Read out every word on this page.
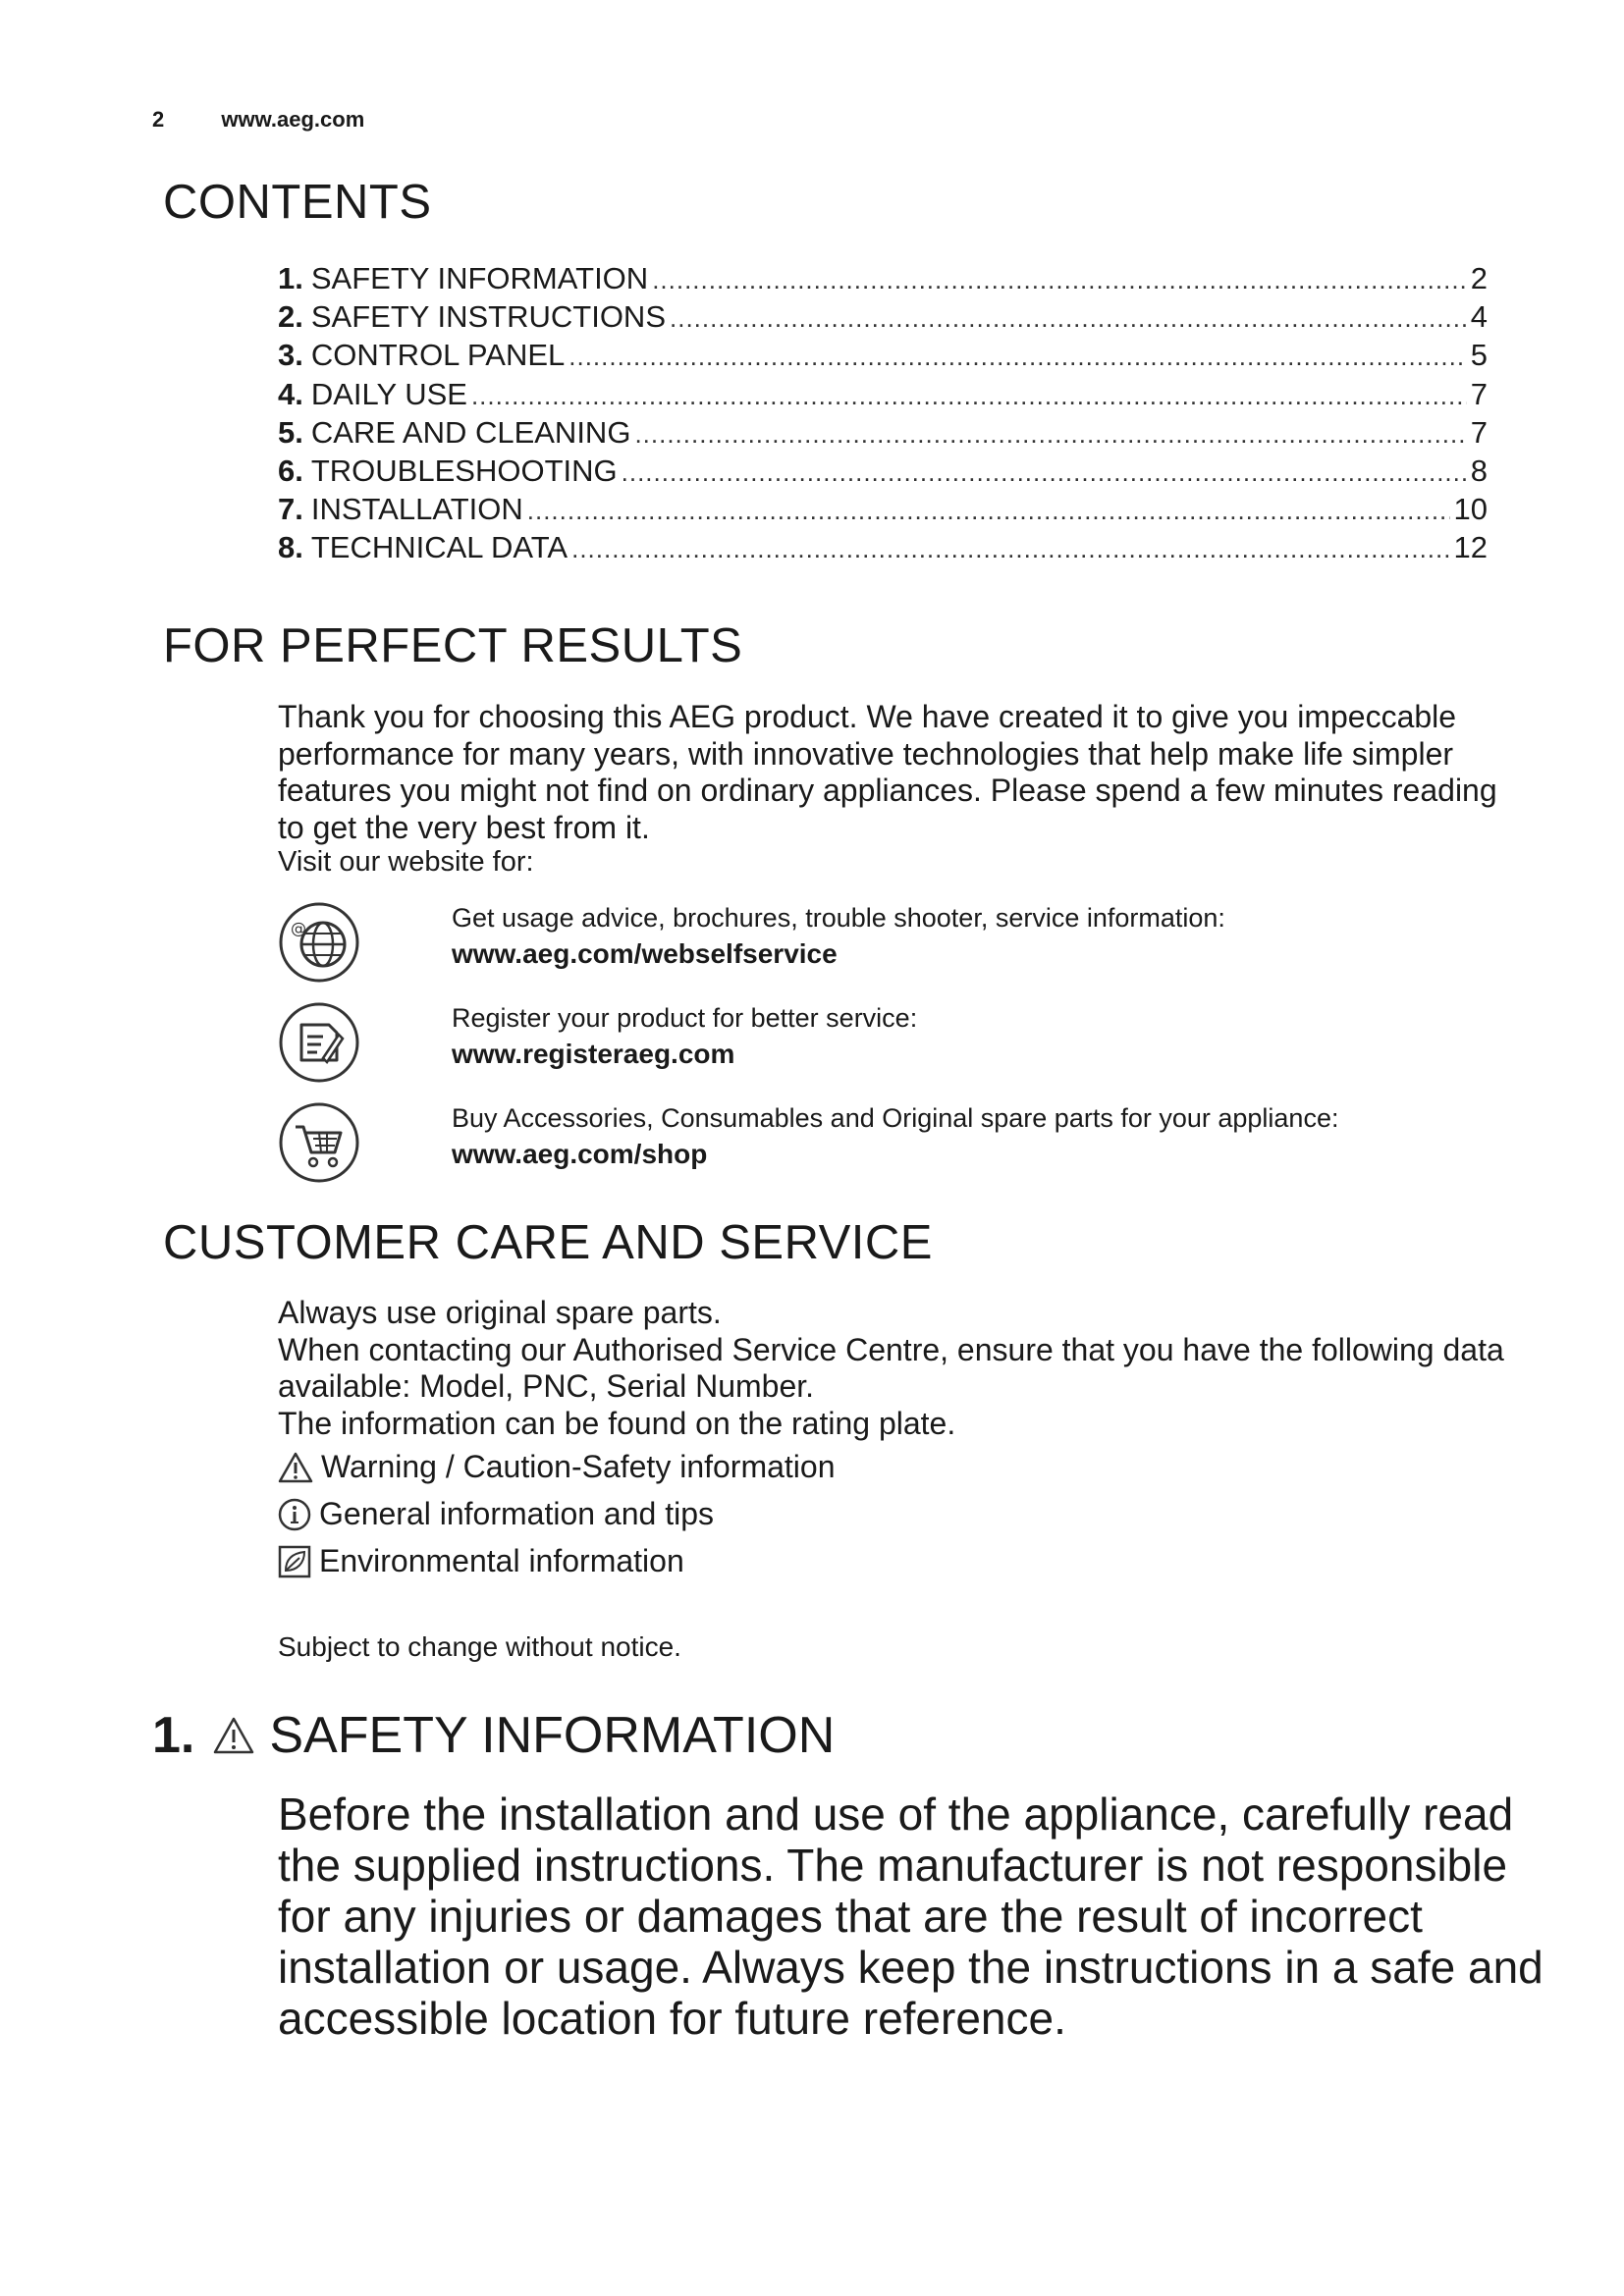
2	www.aeg.com
CONTENTS
1. SAFETY INFORMATION .....	2
2. SAFETY INSTRUCTIONS .....	4
3. CONTROL PANEL .....	5
4. DAILY USE .....	7
5. CARE AND CLEANING .....	7
6. TROUBLESHOOTING .....	8
7. INSTALLATION .....	10
8. TECHNICAL DATA .....	12
FOR PERFECT RESULTS

Thank you for choosing this AEG product. We have created it to give you impeccable performance for many years, with innovative technologies that help make life simpler features you might not find on ordinary appliances. Please spend a few minutes reading to get the very best from it.

Visit our website for:
@	Get usage advice, brochures, trouble shooter, service information:
www.aeg.com/webselfservice
Register your product for better service:
www.registeraeg.com
Buy Accessories, Consumables and Original spare parts for your appliance:
www.aeg.com/shop
CUSTOMER CARE AND SERVICE
Always use original spare parts.
When contacting our Authorised Service Centre, ensure that you have the following data available: Model, PNC, Serial Number.
The information can be found on the rating plate.
Warning / Caution-Safety information
General information and tips
Environmental information
Subject to change without notice.
1. SAFETY INFORMATION

Before the installation and use of the appliance, carefully read the supplied instructions. The manufacturer is not responsible for any injuries or damages that are the result of incorrect installation or usage. Always keep the instructions in a safe and accessible location for future reference.
